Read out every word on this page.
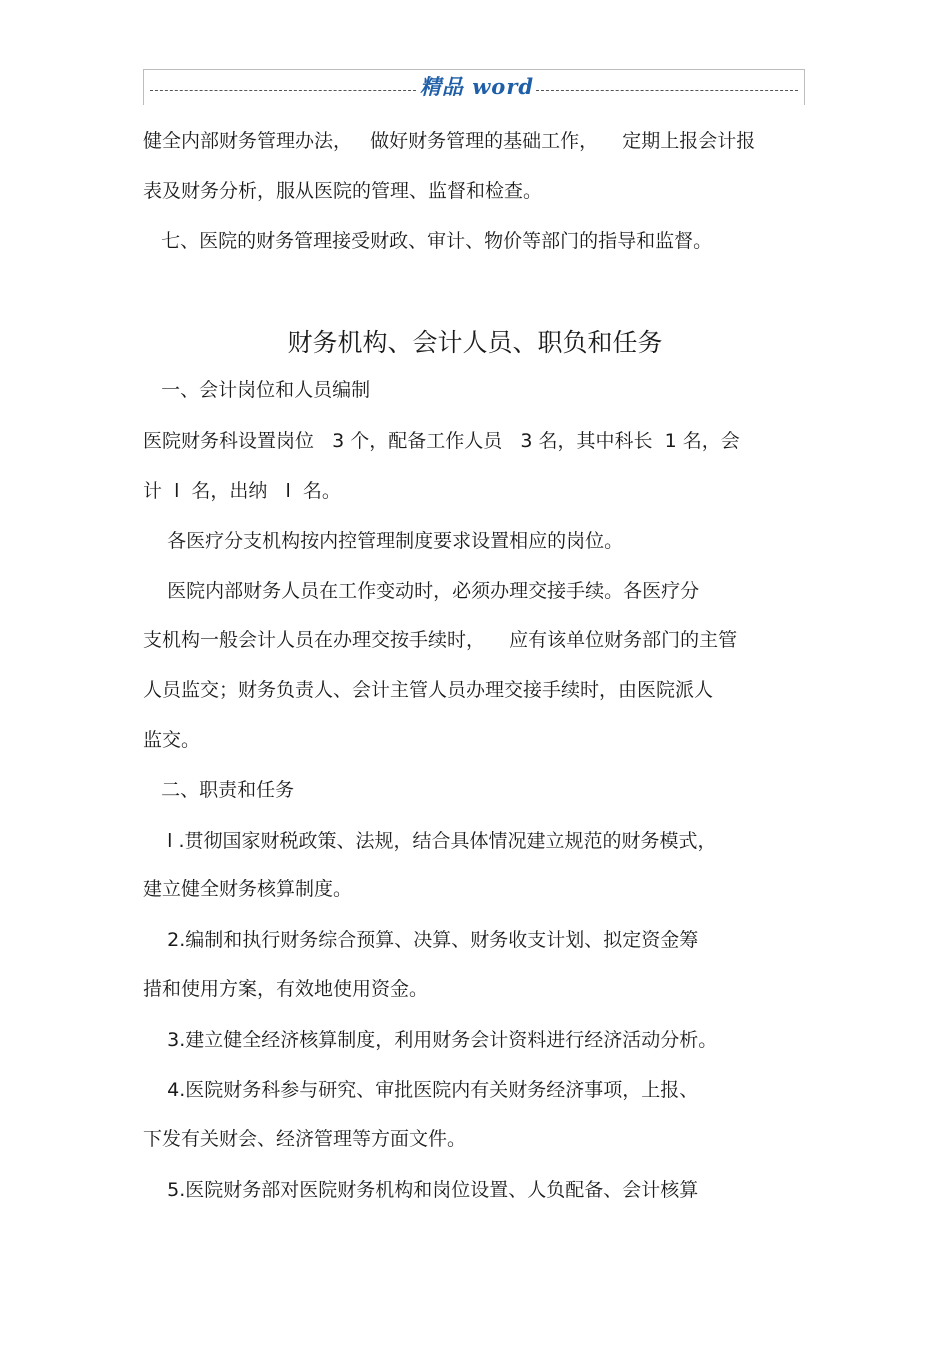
精品 word
健全内部财务管理办法，   做好财务管理的基础工作，    定期上报会计报
表及财务分析，服从医院的管理、监督和检查。
七、医院的财务管理接受财政、审计、物价等部门的指导和监督。
财务机构、会计人员、职负和任务
一、会计岗位和人员编制
医院财务科设置岗位   3 个，配备工作人员   3 名，其中科长  1 名，会
计  l  名，出纳   l  名。
各医疗分支机构按内控管理制度要求设置相应的岗位。
医院内部财务人员在工作变动时，必须办理交接手续。各医疗分
支机构一般会计人员在办理交按手续时，    应有该单位财务部门的主管
人员监交；财务负责人、会计主管人员办理交接手续时，由医院派人
监交。
二、职责和任务
l .贯彻国家财税政策、法规，结合具体情况建立规范的财务模式，
建立健全财务核算制度。
2.编制和执行财务综合预算、决算、财务收支计划、拟定资金筹
措和使用方案，有效地使用资金。
3.建立健全经济核算制度，利用财务会计资料进行经济活动分析。
4.医院财务科参与研究、审批医院内有关财务经济事项，上报、
下发有关财会、经济管理等方面文件。
5.医院财务部对医院财务机构和岗位设置、人负配备、会计核算
